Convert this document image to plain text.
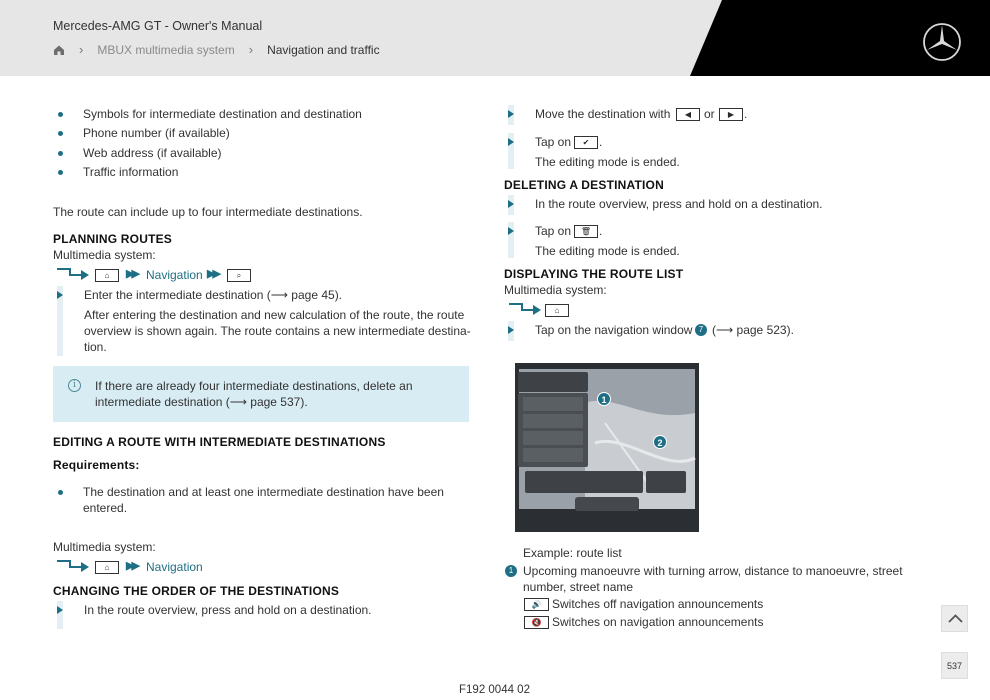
Mercedes-AMG GT - Owner's Manual
› MBUX multimedia system › Navigation and traffic
Symbols for intermediate destination and destination
Phone number (if available)
Web address (if available)
Traffic information
The route can include up to four intermediate destinations.
PLANNING ROUTES
Multimedia system:
⌂	▶▶ Navigation ▶▶	⌕
Enter the intermediate destination (⟶ page 45).
After entering the destination and new calculation of the route, the route
overview is shown again. The route contains a new intermediate destina-
tion.
i	If there are already four intermediate destinations, delete an
intermediate destination (⟶ page 537).
EDITING A ROUTE WITH INTERMEDIATE DESTINATIONS
Requirements:
The destination and at least one intermediate destination have been
entered.
Multimedia system:
⌂	▶▶ Navigation
CHANGING THE ORDER OF THE DESTINATIONS
In the route overview, press and hold on a destination.
Move the destination with	◀	or	▶ .
Tap on	✔ .
The editing mode is ended.
DELETING A DESTINATION
In the route overview, press and hold on a destination.
Tap on	🗑 .
The editing mode is ended.
DISPLAYING THE ROUTE LIST
Multimedia system:
⌂
Tap on the navigation window 7 (⟶ page 523).
1
2
Example: route list
1 Upcoming manoeuvre with turning arrow, distance to manoeuvre, street
number, street name
🔊 Switches off navigation announcements
🔇 Switches on navigation announcements
537
F192 0044 02
